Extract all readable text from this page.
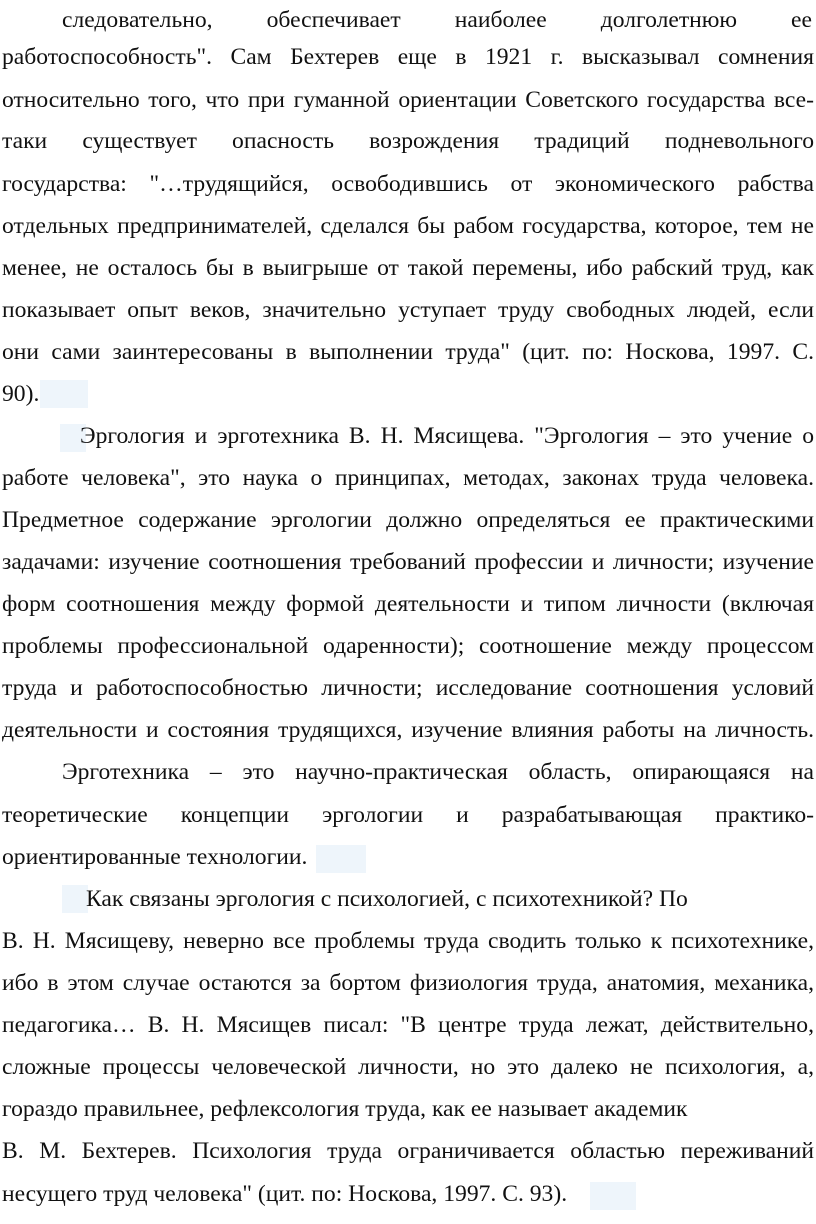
следовательно, обеспечивает наиболее долголетнюю ее
работоспособность". Сам Бехтерев еще в 1921 г. высказывал сомнения
относительно того, что при гуманной ориентации Советского государства все-
таки существует опасность возрождения традиций подневольного
государства: "…трудящийся, освободившись от экономического рабства
отдельных предпринимателей, сделался бы рабом государства, которое, тем не
менее, не осталось бы в выигрыше от такой перемены, ибо рабский труд, как
показывает опыт веков, значительно уступает труду свободных людей, если
они сами заинтересованы в выполнении труда" (цит. по: Носкова, 1997. С.
90).
Эргология и эрготехника В. Н. Мясищева. "Эргология – это учение о
работе человека", это наука о принципах, методах, законах труда человека.
Предметное содержание эргологии должно определяться ее практическими
задачами: изучение соотношения требований профессии и личности; изучение
форм соотношения между формой деятельности и типом личности (включая
проблемы профессиональной одаренности); соотношение между процессом
труда и работоспособностью личности; исследование соотношения условий
деятельности и состояния трудящихся, изучение влияния работы на личность.
Эрготехника – это научно-практическая область, опирающаяся на
теоретические концепции эргологии и разрабатывающая практико-
ориентированные технологии.
Как связаны эргология с психологией, с психотехникой? По
В. Н. Мясищеву, неверно все проблемы труда сводить только к психотехнике,
ибо в этом случае остаются за бортом физиология труда, анатомия, механика,
педагогика… В. Н. Мясищев писал: "В центре труда лежат, действительно,
сложные процессы человеческой личности, но это далеко не психология, а,
гораздо правильнее, рефлексология труда, как ее называет академик
В. М. Бехтерев. Психология труда ограничивается областью переживаний
несущего труд человека" (цит. по: Носкова, 1997. С. 93).
